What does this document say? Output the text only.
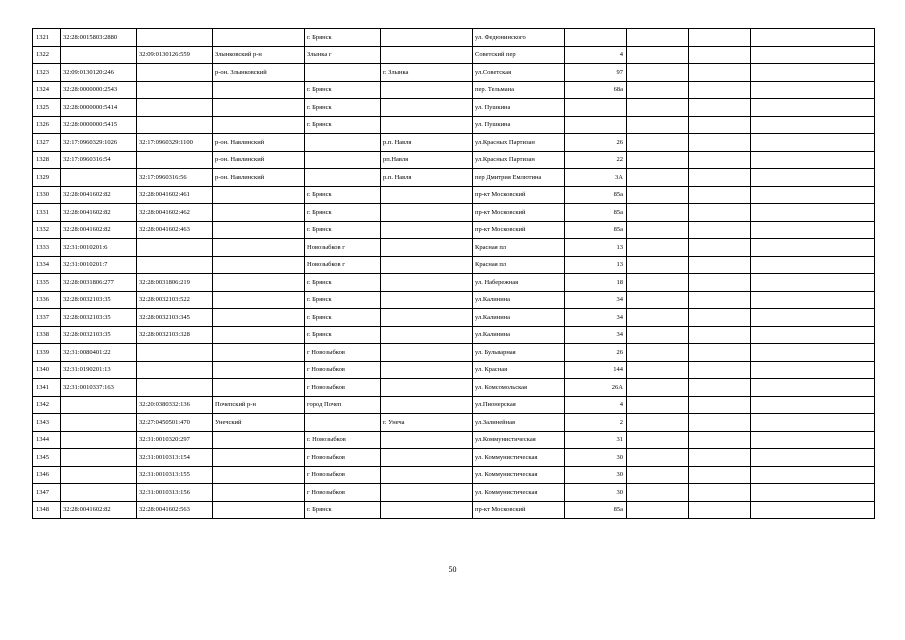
1321	32:28:0015803:2880			г. Брянск		ул. Федюнинского				
1322		32:09:0130126:559	Злынковский р-н	Злынка г		Советский пер	4			
1323	32:09:0130120:246		р-он. Злынковский		г. Злынка	ул.Советская	97			
1324	32:28:0000000:2543			г. Брянск		пер. Тельмана	68а			
1325	32:28:0000000:5414			г. Брянск		ул. Пушкина				
1326	32:28:0000000:5415			г. Брянск		ул. Пушкина				
1327	32:17:0960329:1026	32:17:0960329:1100	р-он. Навлинский		р.п. Навля	ул.Красных Партизан	26			
1328	32:17:0960316:54		р-он. Навлинский		рп.Навля	ул.Красных Партизан	22			
1329		32:17:0960316:56	р-он. Навлинский		р.п. Навля	пер Дмитрия Емлютина	3А			
1330	32:28:0041602:82	32:28:0041602:461		г. Брянск		пр-кт Московский	85а			
1331	32:28:0041602:82	32:28:0041602:462		г. Брянск		пр-кт Московский	85а			
1332	32:28:0041602:82	32:28:0041602:463		г. Брянск		пр-кт Московский	85а			
1333	32:31:0010201:6			Новозыбков г		Красная пл	13			
1334	32:31:0010201:7			Новозыбков г		Красная пл	13			
1335	32:28:0031806:277	32:28:0031806:219		г. Брянск		ул. Набережная	18			
1336	32:28:0032103:35	32:28:0032103:522		г. Брянск		ул.Калинина	34			
1337	32:28:0032103:35	32:28:0032103:345		г. Брянск		ул.Калинина	34			
1338	32:28:0032103:35	32:28:0032103:328		г. Брянск		ул.Калинина	34			
1339	32:31:0080401:22			г Новозыбков		ул. Бульварная	26			
1340	32:31:0190201:13			г Новозыбков		ул. Красная	144			
1341	32:31:0010337:163			г Новозыбков		ул. Комсомольская	26А			
1342		32:20:0380332:136	Почепский р-н	город Почеп		ул.Пионерская	4			
1343		32:27:0450501:470	Унечский		г. Унеча	ул.Залинейная	2			
1344		32:31:0010320:297		г. Новозыбков		ул.Коммунистическая	31			
1345		32:31:0010313:154		г Новозыбков		ул. Коммунистическая	30			
1346		32:31:0010313:155		г Новозыбков		ул. Коммунистическая	30			
1347		32:31:0010313:156		г Новозыбков		ул. Коммунистическая	30			
1348	32:28:0041602:82	32:28:0041602:563		г. Брянск		пр-кт Московский	85а			
50
